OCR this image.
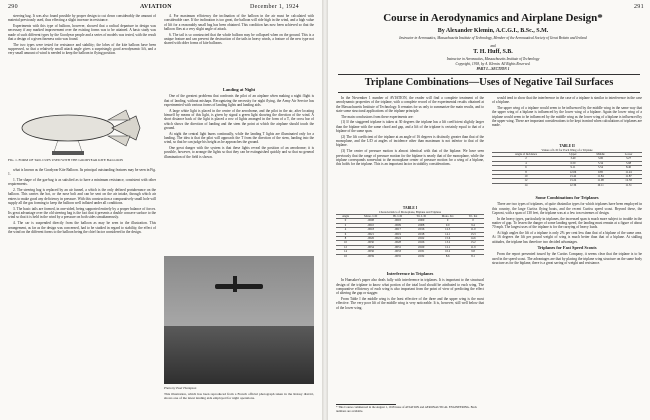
290	AVIATION	December 1, 1924

steering bag. It was also found possible by proper design to cut down considerably the amount of material previously used, thus effecting a slight increase in resistance.

Experiments with this type of balloon, however, showed that a radical departure in design was necessary if any marked improvement over the existing forms was to be attained. A basic study was made of such different types by the Goodyear people and a series of models was tested, with the result that a design of a given fineness ratio was found.

The two types were tested for resistance and stability; the lobes of the kite balloon have been suppressed, so that a relatively small attack angle gives a surprisingly good aerodynamic lift, and a very small amount of wind is needed to keep the balloon in flying position.

FIG. 1. FORM OF TAIL CUPS USED WITH THE GOODYEAR KITE BALLOON

what is known as the Goodyear Kite Balloon. Its principal outstanding features may be seen in Fig. 1.

1. The shape of the gas-bag is as satisfied as to have a minimum resistance, consistent with other requirements.

2. The steering bag is replaced by an air funnel, a which is the only defined protuberance on the balloon. This carries the hot, or the nose bolt and can be sent on the air intake, through which air enters to make good any deficiency in pressure. With this construction a comparatively small hole will supply all the gas forming to keep the balloon well inflated under all conditions.

3. The basic tails are formed, in one-sided, being supported entirely by a proper balance of forces. Its great advantage over the old steering bag is the fact that it presents a double concave surface to the wind so that it is held in the wind by a pressure on both sides simultaneously.

4. The car is suspended directly from the balloon as may be seen in the illustration. This arrangement, as far as the design was concerned, had to be studied in regard to stability, the effect of the wind on the different forms to the balloon being the chief factor considered in the design.

4. For maximum efficiency the inclination of the balloon in the air must be calculated with considerable care. If the inclination is too great, the balloon will ride high in the wind, and a high value of lift for a reasonably small bag has been obtained. This condition has now been achieved so that the balloon flies at a very slight angle of attack.

6. The tail is so constructed that the whole balloon may be collapsed when on the ground. This is a unique feature and can prevent the destruction of the tails in heavy winds, a feature of the new type not shared with older forms of kite balloons.

Landing at Night

One of the greatest problems that confronts the pilot of an airplane when making a night flight is that of landing, without mishaps. Recognizing the necessity for night flying, the Army Air Service has experimented with various forms of landing lights and landing aids.

A large white light is placed in the centre of the aerodrome, and the pilot in the air, after locating himself by means of this light, is given by signal a green light showing the direction of the wind. A short distance back of the light is placed a row of lights arranged in the form of a T, the cross bar of which shows the direction of landing and the stem the point at which the airplane should touch the ground.

At night the central light burns continually, while the landing T lights are illuminated only for a landing. The idea is that the pilot will approach the T from the direction of the stem, landing into the wind, so that he can judge his height as he approaches the ground.

One great danger with the system is that these lights reveal the position of an aerodrome; it is possible, however, to arrange the lights so that they can be extinguished quickly and so that no general illumination of the field is shown.

Photo by Paul Thompson
This illustration, which has been reproduced from a French official photograph taken in the Roissy district, shows one of the latest landing aids employed for night operations.
291
Course in Aerodynamics and Airplane Design*
By Alexander Klemin, A.C.G.I., B.Sc., S.M.
Instructor in Aeronautics, Massachusetts Institute of Technology, Member of the Aeronautical Society of Great Britain and Ireland
and
T. H. Huff, S.B.
Instructor in Aeronautics, Massachusetts Institute of Technology
Copyright, 1918, by A. Klemin. All Rights Reserved.
PART I—SECTION 1
Triplane Combinations—Uses of Negative Tail Surfaces

In the November 1 number of AVIATION, the reader will find a complete treatment of the aerodynamic properties of the triplane, with a complete record of the experimental results obtained at the Massachusetts Institute of Technology. It remains for us only to summarize the main results, and to state some structural applications of the triplane principle.

The main conclusions from these experiments are:

(1) If the staggered triplane is taken at 30 degrees the triplane has a lift coefficient slightly larger than the biplane with the same chord and gap, and a lift of the triplane is certainly equal to that of a biplane of the same span.

(2) The lift coefficient of the triplane at an angle of 16 degrees is distinctly greater than that of the monoplane, and the L/D at angles of incidence other than maximum is not inferior to that of the biplane.

(3) The center of pressure motion is almost identical with that of the biplane. We have seen previously that the range of pressure motion for the biplane is nearly that of the monoplane, while the triplane corresponds somewhat to the monoplane center of pressure motion for a wing of a biplane, this holds for the triplane. This is an important factor in stability considerations.

TABLE I
Characteristics of Monoplane, Biplane and Triplane
Angle	Mono. L/D	Bi. L/D	Tri. L/D	Mono. Kx	Tri. Kx
0	.0008	.0003	.0000	0	0
2	.0010	.0009	.0008	9.0	9.4
4	.0018	.0017	.0016	12.3	11.0
6	.0021	.0019	.0018	14.1	13.3
8	.0026	.0024	.0022	15.6	14.6
10	.0030	.0028	.0026	13.2	13.2
12	.0034	.0031	.0029	12.1	11.9
14	.0036	.0033	.0031	10.2	9.8
16	.0039	.0035	.0032	8.6	8.1
Interference in Triplanes

In Hunsaker's paper also deals fully with interference in triplanes. It is important to the structural design of the triplane to know what portion of the total load should be attributed to each wing. The comparative efficiency of each wing is also important from the point of view of predicting the effect of altering the gap or stagger.

From Table I the middle wing is the least effective of the three and the upper wing is the most effective. The very poor lift of the middle wing is very noticeable. It is, however, still well below that of the lower wing.

* This Course commenced in the August 1, 1918 issue of AVIATION and AERONAUTICAL ENGINEERING. Back numbers are available.

would tend to show that the interference in the case of a triplane is similar to interference in the case of a biplane.

The upper wing of a triplane would seem to be influenced by the middle wing in the same way that the upper wing of a biplane is influenced by the lower wing of a biplane. Again the lower wing of a triplane would seem to be influenced by the middle wing as the lower wing of a biplane is influenced by the upper wing. These are important considerations to be kept in mind when calculations of triplanes are made.

TABLE II
Values of L/D for Each Wing of a Triplane
Angle of Incidence	Upper	Middle	Lower
2	3.40	3.00	3.27
4	6.50	5.34	5.98
6	9.11	5.54	8.40
8	12.06	9.85	11.24
10	13.42	11.84	11.87
12	13.24	11.08	12.58
14	12.36	10.11	11.31
Some Combinations for Triplanes

There are two types of triplanes, of quite dissimilar types for which triplanes have been employed in this country, the large Curtiss flying boats, and the recent Curtiss speed scout. Beyond these, the Caproni, with a span of 130 feet, the triplane was at a few ton extremes of design.

In the heavy types, particularly in triplanes, the increased span is much more subject to trouble in the matter of gap. To lessen the danger of some landing speed, the landing must remain at a figure of about 70 mph. The largest uses of the triplane is for the carrying of heavy loads.

At high angles the lift of a triplane is only 2% per cent less than that of a biplane of the same area. At 16 degrees the lift per pound weight of wing is much better than that of a biplane. At stalling attitudes, the triplane has therefore two decided advantages.

Triplanes for Fast Speed Scouts

From the report presented issued by the Curtiss Company, it seems clear that the triplane is to be used in the speed scout. The advantages are that by placing the triplane wing structure on the same body structure as for the biplane, there is a great saving of weight and resistance.
